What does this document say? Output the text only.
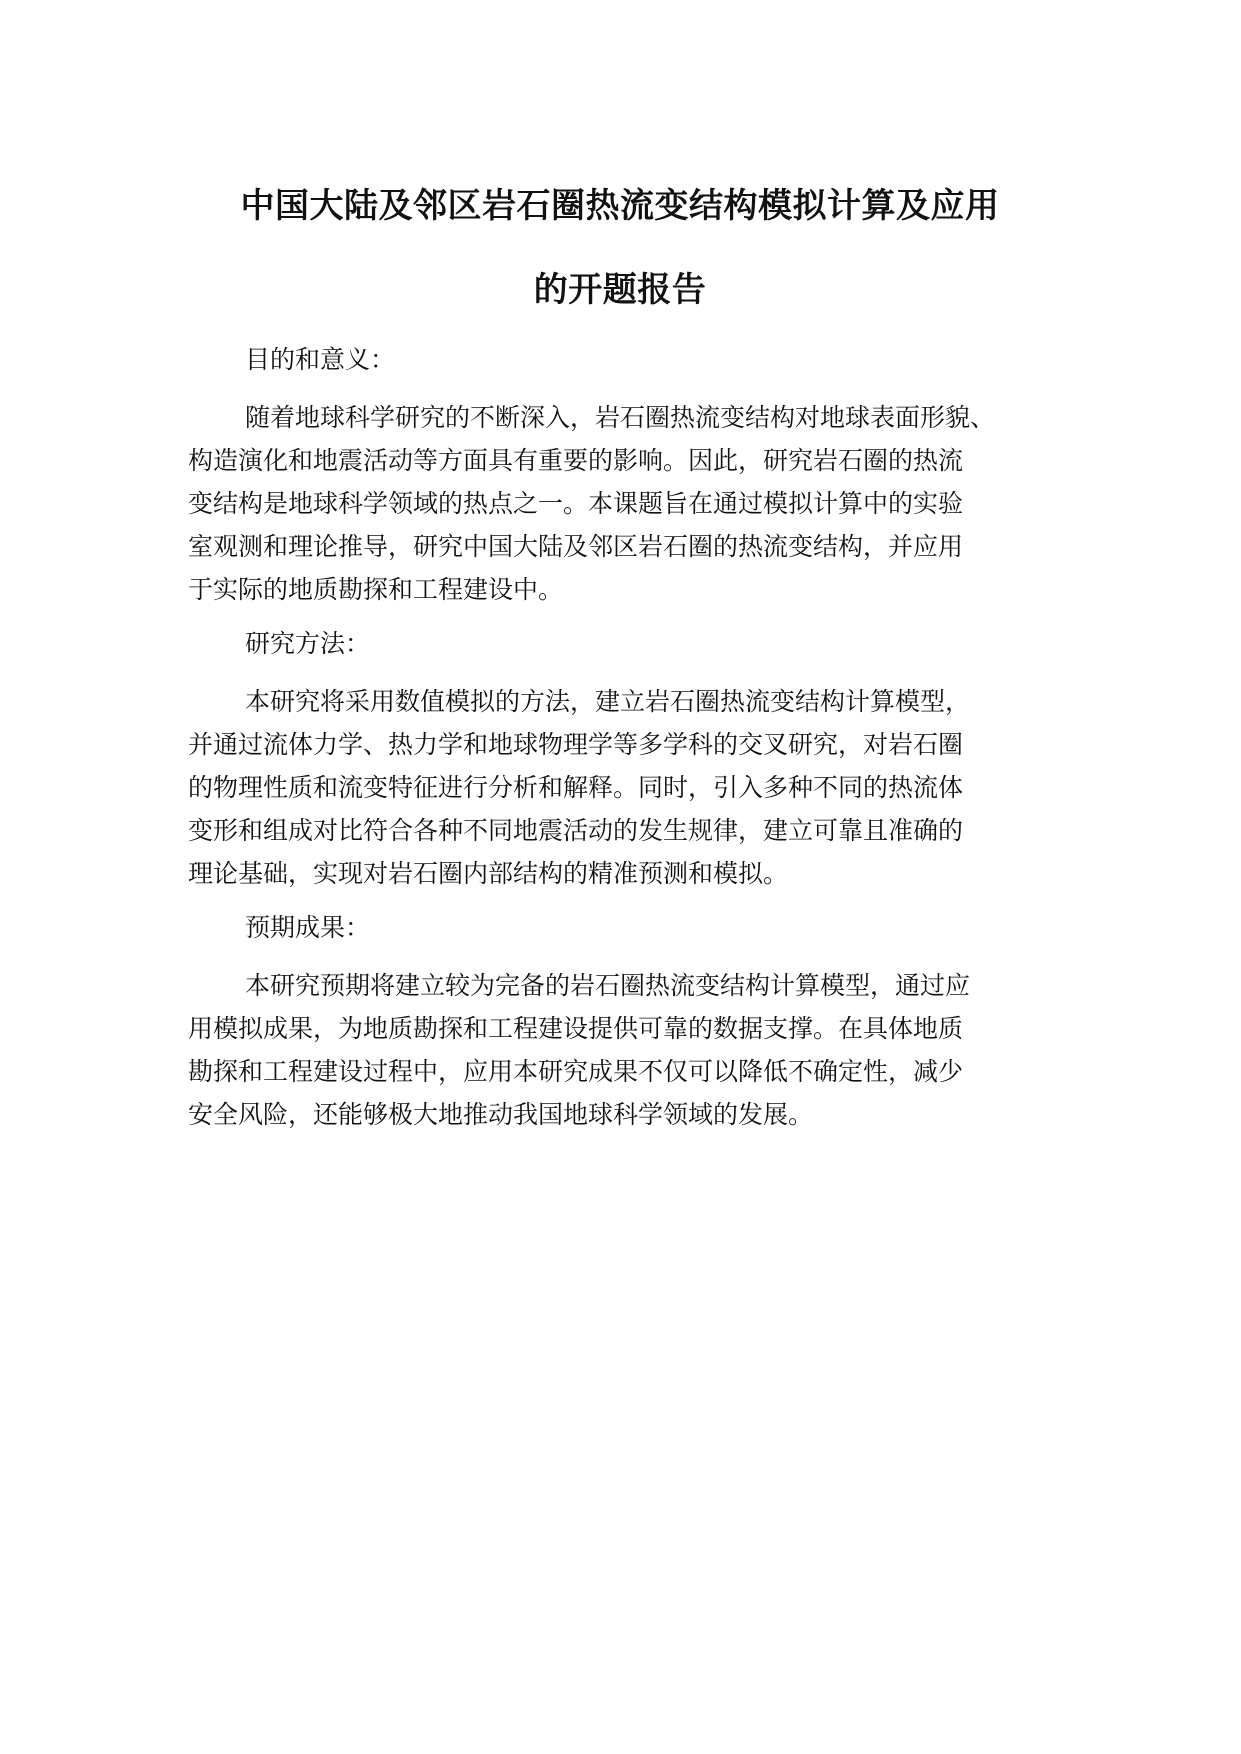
中国大陆及邻区岩石圈热流变结构模拟计算及应用
的开题报告

目的和意义：

随着地球科学研究的不断深入，岩石圈热流变结构对地球表面形貌、

构造演化和地震活动等方面具有重要的影响。因此，研究岩石圈的热流

变结构是地球科学领域的热点之一。本课题旨在通过模拟计算中的实验

室观测和理论推导，研究中国大陆及邻区岩石圈的热流变结构，并应用

于实际的地质勘探和工程建设中。

研究方法：

本研究将采用数值模拟的方法，建立岩石圈热流变结构计算模型，

并通过流体力学、热力学和地球物理学等多学科的交叉研究，对岩石圈

的物理性质和流变特征进行分析和解释。同时，引入多种不同的热流体

变形和组成对比符合各种不同地震活动的发生规律，建立可靠且准确的

理论基础，实现对岩石圈内部结构的精准预测和模拟。

预期成果：

本研究预期将建立较为完备的岩石圈热流变结构计算模型，通过应

用模拟成果，为地质勘探和工程建设提供可靠的数据支撑。在具体地质

勘探和工程建设过程中，应用本研究成果不仅可以降低不确定性，减少

安全风险，还能够极大地推动我国地球科学领域的发展。
